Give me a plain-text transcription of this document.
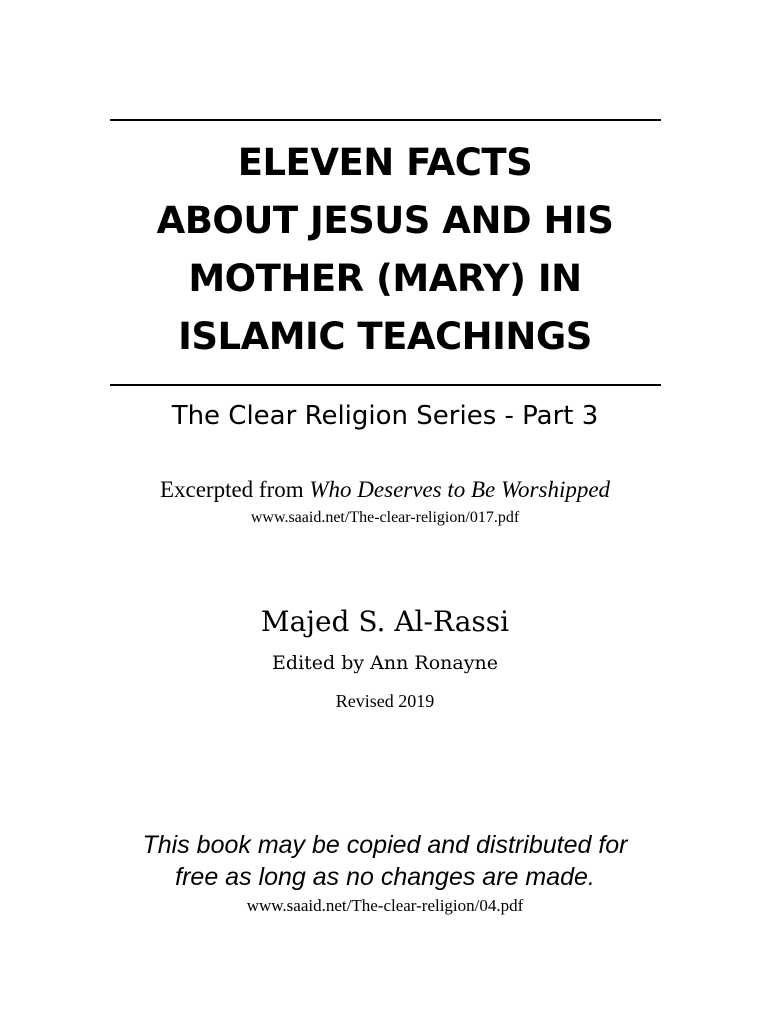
ELEVEN FACTS
ABOUT JESUS AND HIS
MOTHER (MARY) IN
ISLAMIC TEACHINGS
The Clear Religion Series - Part 3
Excerpted from Who Deserves to Be Worshipped
www.saaid.net/The-clear-religion/017.pdf
Majed S. Al-Rassi
Edited by Ann Ronayne
Revised 2019
This book may be copied and distributed for
free as long as no changes are made.
www.saaid.net/The-clear-religion/04.pdf
